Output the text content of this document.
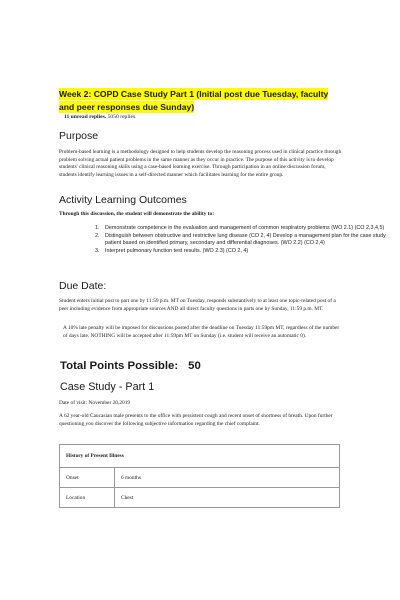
Week 2: COPD Case Study Part 1 (Initial post due Tuesday, faculty and peer responses due Sunday)
11 unread replies. 5050 replies.
Purpose
Problem-based learning is a methodology designed to help students develop the reasoning process used in clinical practice through problem solving actual patient problems in the same manner as they occur in practice. The purpose of this activity is to develop students' clinical reasoning skills using a case-based learning exercise. Through participation in an online discussion forum, students identify learning issues in a self-directed manner which facilitates learning for the entire group.
Activity Learning Outcomes
Through this discussion, the student will demonstrate the ability to:
1. Demonstrate competence in the evaluation and management of common respiratory problems (WO 2.1) (CO 2,3,4,5)
2. Distinguish between obstructive and restrictive lung disease (CO 2, 4) Develop a management plan for the case study patient based on identified primary, secondary and differential diagnoses. (WO 2.2) (CO 2,4)
3. Interpret pulmonary function test results. (WO 2.3) (CO 2, 4)
Due Date:
Student enters initial post to part one by 11:59 p.m. MT on Tuesday, responds substantively to at least one topic-related post of a peer including evidence from appropriate sources AND all direct faculty questions in parts one by Sunday, 11:59 p.m. MT.
A 10% late penalty will be imposed for discussions posted after the deadline on Tuesday 11:59pm MT, regardless of the number of days late. NOTHING will be accepted after 11:59pm MT on Sunday (i.e. student will receive an automatic 0).
Total Points Possible: 50
Case Study - Part 1
Date of visit: November 20,2019
A 62 year-old Caucasian male presents to the office with persistent cough and recent onset of shortness of breath. Upon further questioning you discover the following subjective information regarding the chief complaint.
History of Present Illness	
Onset	6 months
Location	Chest
